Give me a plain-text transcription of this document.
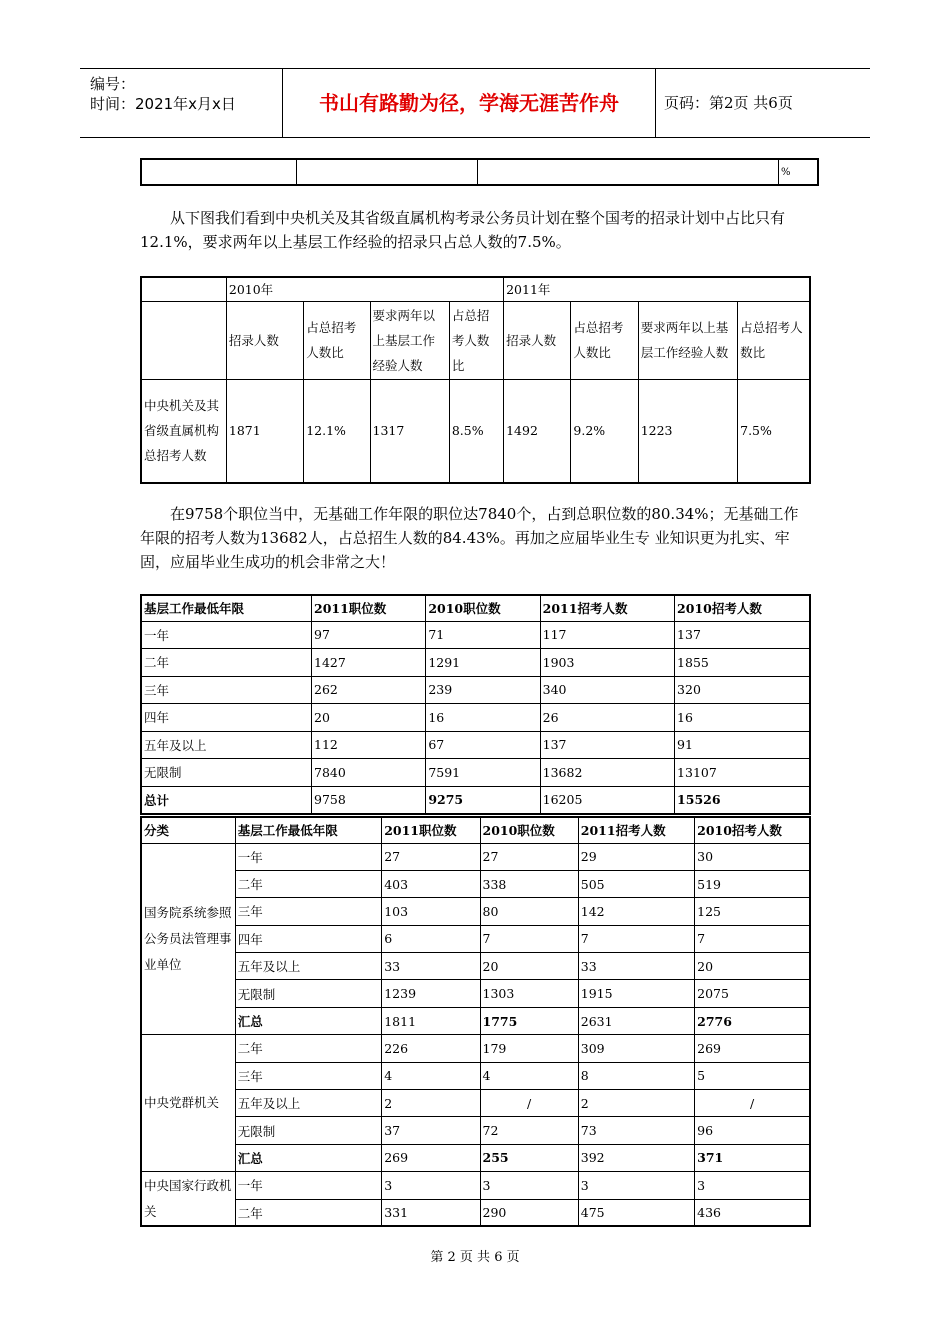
编号：
时间：2021年x月x日	书山有路勤为径，学海无涯苦作舟	页码：第2页 共6页
			%

从下图我们看到中央机关及其省级直属机构考录公务员计划在整个国考的招录计划中占比只有12.1%，要求两年以上基层工作经验的招录只占总人数的7.5%。

	2010年				2011年			
	招录人数	占总招考人数比	要求两年以上基层工作经验人数	占总招考人数比	招录人数	占总招考人数比	要求两年以上基层工作经验人数	占总招考人数比
中央机关及其省级直属机构总招考人数	1871	12.1%	1317	8.5%	1492	9.2%	1223	7.5%

在9758个职位当中，无基础工作年限的职位达7840个，占到总职位数的80.34%；无基础工作年限的招考人数为13682人，占总招生人数的84.43%。再加之应届毕业生专 业知识更为扎实、牢固，应届毕业生成功的机会非常之大！

基层工作最低年限	2011职位数	2010职位数	2011招考人数	2010招考人数
一年	97	71	117	137
二年	1427	1291	1903	1855
三年	262	239	340	320
四年	20	16	26	16
五年及以上	112	67	137	91
无限制	7840	7591	13682	13107
总计	9758	9275	16205	15526
分类	基层工作最低年限	2011职位数	2010职位数	2011招考人数	2010招考人数
国务院系统参照公务员法管理事业单位	一年	27	27	29	30
	二年	403	338	505	519
	三年	103	80	142	125
	四年	6	7	7	7
	五年及以上	33	20	33	20
	无限制	1239	1303	1915	2075
	汇总	1811	1775	2631	2776
中央党群机关	二年	226	179	309	269
	三年	4	4	8	5
	五年及以上	2	/	2	/
	无限制	37	72	73	96
	汇总	269	255	392	371
中央国家行政机关	一年	3	3	3	3
	二年	331	290	475	436
第 2 页 共 6 页
